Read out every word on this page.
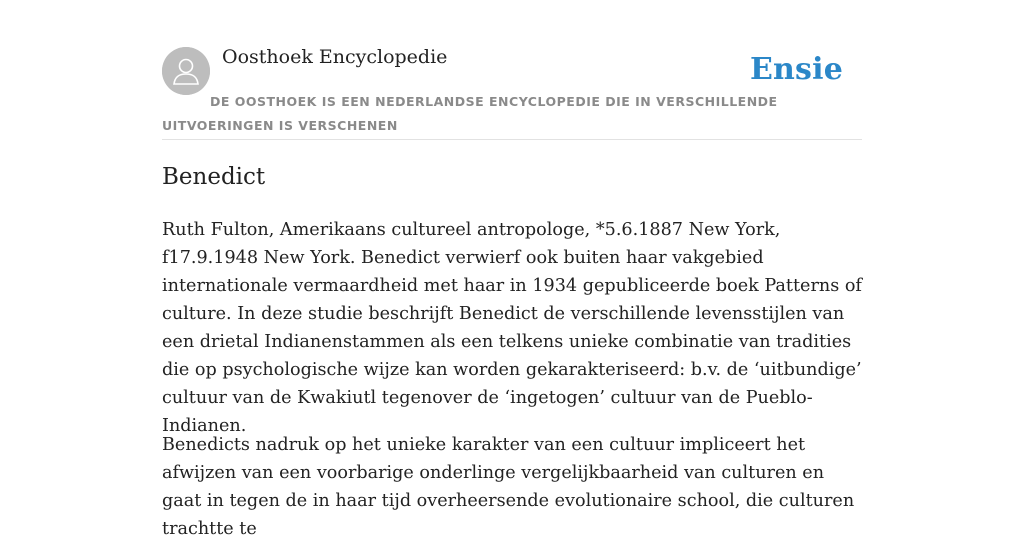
Oosthoek Encyclopedie	Ensie
DE OOSTHOEK IS EEN NEDERLANDSE ENCYCLOPEDIE DIE IN VERSCHILLENDE UITVOERINGEN IS VERSCHENEN
Benedict

Ruth Fulton, Amerikaans cultureel antropologe, *5.6.1887 New York, f17.9.1948 New York. Benedict verwierf ook buiten haar vakgebied internationale vermaardheid met haar in 1934 gepubliceerde boek Patterns of culture. In deze studie beschrijft Benedict de verschillende levensstijlen van een drietal Indianenstammen als een telkens unieke combinatie van tradities die op psychologische wijze kan worden gekarakteriseerd: b.v. de ‘uitbundige’ cultuur van de Kwakiutl tegenover de ‘ingetogen’ cultuur van de Pueblo-Indianen.

Benedicts nadruk op het unieke karakter van een cultuur impliceert het afwijzen van een voorbarige onderlinge vergelijkbaarheid van culturen en gaat in tegen de in haar tijd overheersende evolutionaire school, die culturen trachtte te
